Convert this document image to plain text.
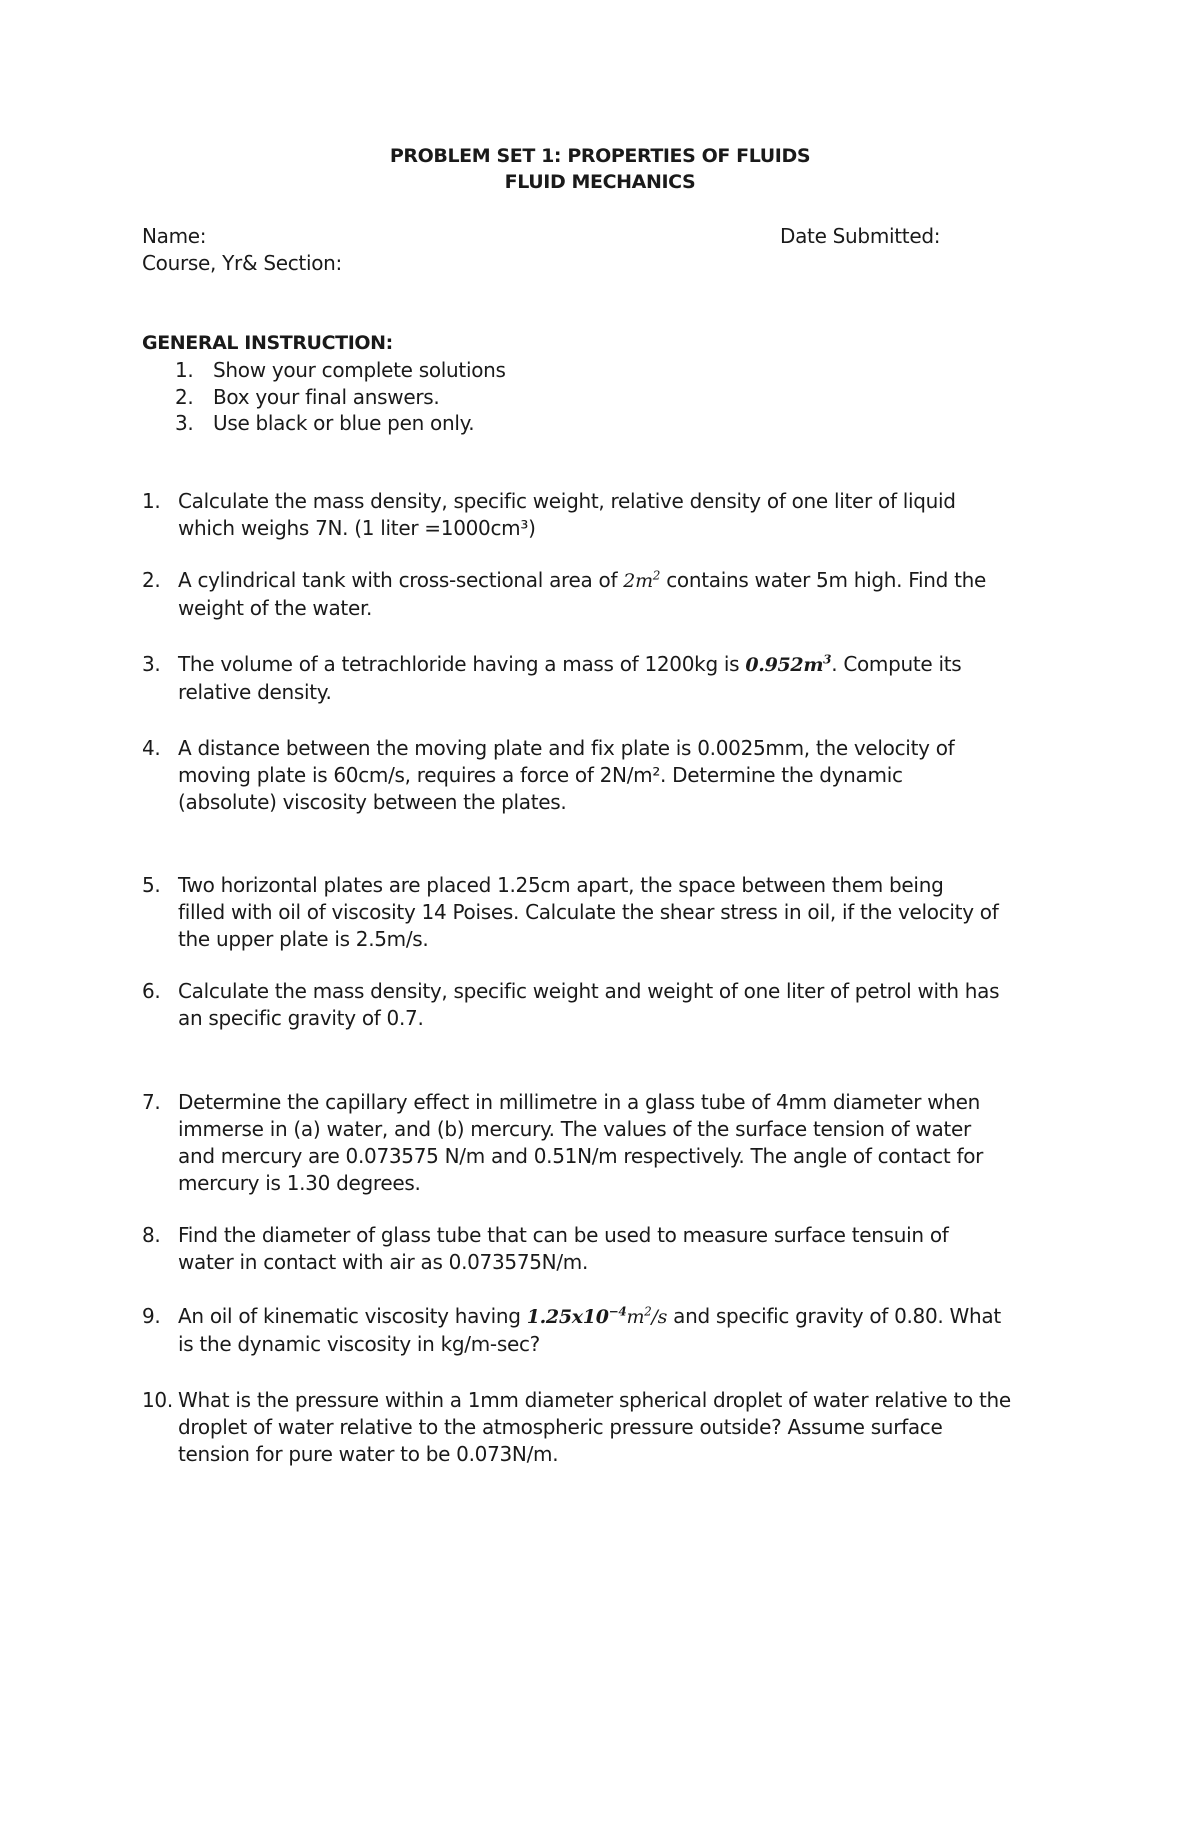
PROBLEM SET 1: PROPERTIES OF FLUIDS
FLUID MECHANICS
Name:	Date Submitted:
Course, Yr& Section:
GENERAL INSTRUCTION:
1. Show your complete solutions
2. Box your final answers.
3. Use black or blue pen only.
1. Calculate the mass density, specific weight, relative density of one liter of liquid
which weighs 7N. (1 liter =1000cm³)
2. A cylindrical tank with cross-sectional area of $2m^2$ contains water 5m high. Find the
weight of the water.
3. The volume of a tetrachloride having a mass of 1200kg is $0.952m^3$. Compute its
relative density.
4. A distance between the moving plate and fix plate is 0.0025mm, the velocity of
moving plate is 60cm/s, requires a force of 2N/m². Determine the dynamic
(absolute) viscosity between the plates.
5. Two horizontal plates are placed 1.25cm apart, the space between them being
filled with oil of viscosity 14 Poises. Calculate the shear stress in oil, if the velocity of
the upper plate is 2.5m/s.
6. Calculate the mass density, specific weight and weight of one liter of petrol with has
an specific gravity of 0.7.
7. Determine the capillary effect in millimetre in a glass tube of 4mm diameter when
immerse in (a) water, and (b) mercury. The values of the surface tension of water
and mercury are 0.073575 N/m and 0.51N/m respectively. The angle of contact for
mercury is 1.30 degrees.
8. Find the diameter of glass tube that can be used to measure surface tensuin of
water in contact with air as 0.073575N/m.
9. An oil of kinematic viscosity having $1.25x10^{-4}m^2/s$ and specific gravity of 0.80. What
is the dynamic viscosity in kg/m-sec?
10. What is the pressure within a 1mm diameter spherical droplet of water relative to the
droplet of water relative to the atmospheric pressure outside? Assume surface
tension for pure water to be 0.073N/m.
